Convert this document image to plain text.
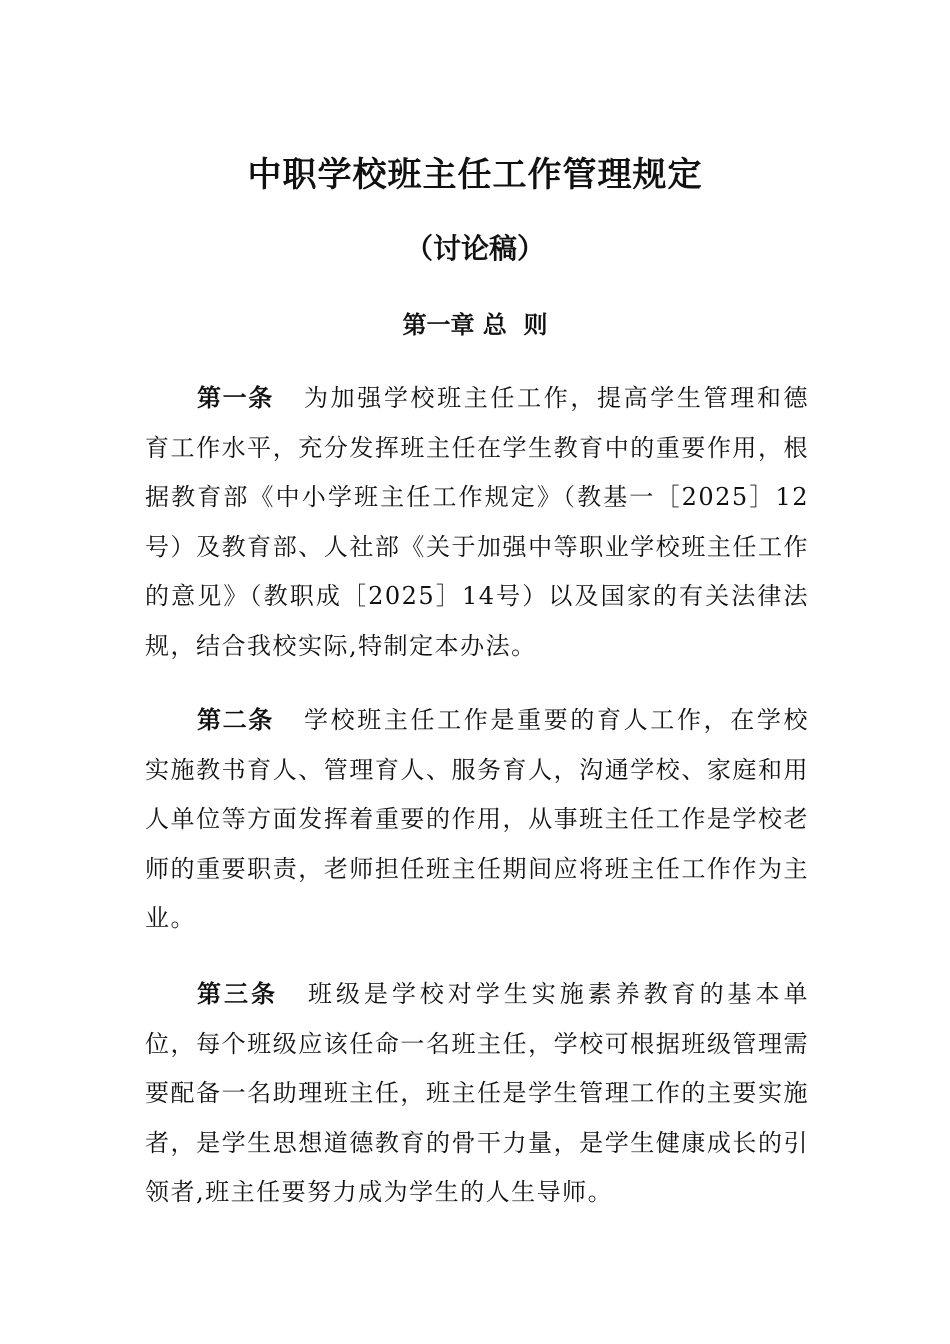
中职学校班主任工作管理规定
（讨论稿）
第一章 总  则

第一条 为加强学校班主任工作，提高学生管理和德育工作水平，充分发挥班主任在学生教育中的重要作用，根据教育部《中小学班主任工作规定》（教基一［2025］12号）及教育部、人社部《关于加强中等职业学校班主任工作的意见》（教职成［2025］14号）以及国家的有关法律法规，结合我校实际,特制定本办法。

第二条 学校班主任工作是重要的育人工作，在学校实施教书育人、管理育人、服务育人，沟通学校、家庭和用人单位等方面发挥着重要的作用，从事班主任工作是学校老师的重要职责，老师担任班主任期间应将班主任工作作为主业。

第三条 班级是学校对学生实施素养教育的基本单位，每个班级应该任命一名班主任，学校可根据班级管理需要配备一名助理班主任，班主任是学生管理工作的主要实施者，是学生思想道德教育的骨干力量，是学生健康成长的引领者,班主任要努力成为学生的人生导师。
